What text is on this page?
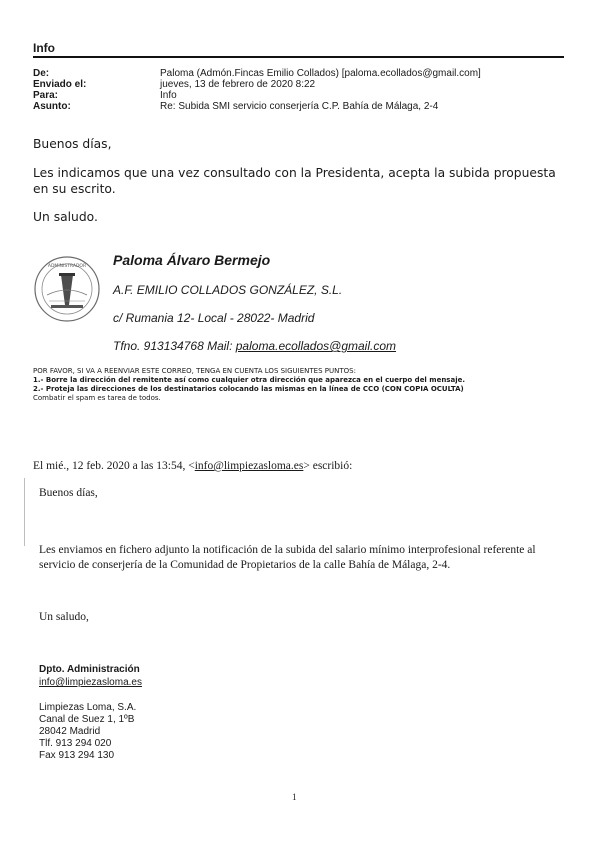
Info
De:	Paloma (Admón.Fincas Emilio Collados) [paloma.ecollados@gmail.com]
Enviado el:	jueves, 13 de febrero de 2020 8:22
Para:	Info
Asunto:	Re: Subida SMI servicio conserjería C.P. Bahía de Málaga, 2-4
Buenos días,
Les indicamos que una vez consultado con la Presidenta, acepta la subida propuesta en su escrito.
Un saludo.
ADMINISTRADOR Paloma Álvaro Bermejo
A.F. EMILIO COLLADOS GONZÁLEZ, S.L.
c/ Rumania 12- Local - 28022- Madrid
Tfno. 913134768 Mail: paloma.ecollados@gmail.com
POR FAVOR, SI VA A REENVIAR ESTE CORREO, TENGA EN CUENTA LOS SIGUIENTES PUNTOS:
1.- Borre la dirección del remitente así como cualquier otra dirección que aparezca en el cuerpo del mensaje.
2.- Proteja las direcciones de los destinatarios colocando las mismas en la línea de CCO (CON COPIA OCULTA)
Combatir el spam es tarea de todos.
El mié., 12 feb. 2020 a las 13:54, <info@limpiezasloma.es> escribió:
Buenos días,
Les enviamos en fichero adjunto la notificación de la subida del salario mínimo interprofesional referente al servicio de conserjería de la Comunidad de Propietarios de la calle Bahía de Málaga, 2-4.
Un saludo,
Dpto. Administración
info@limpiezasloma.es
Limpiezas Loma, S.A.
Canal de Suez 1, 1ºB
28042 Madrid
Tlf. 913 294 020
Fax 913 294 130
1
